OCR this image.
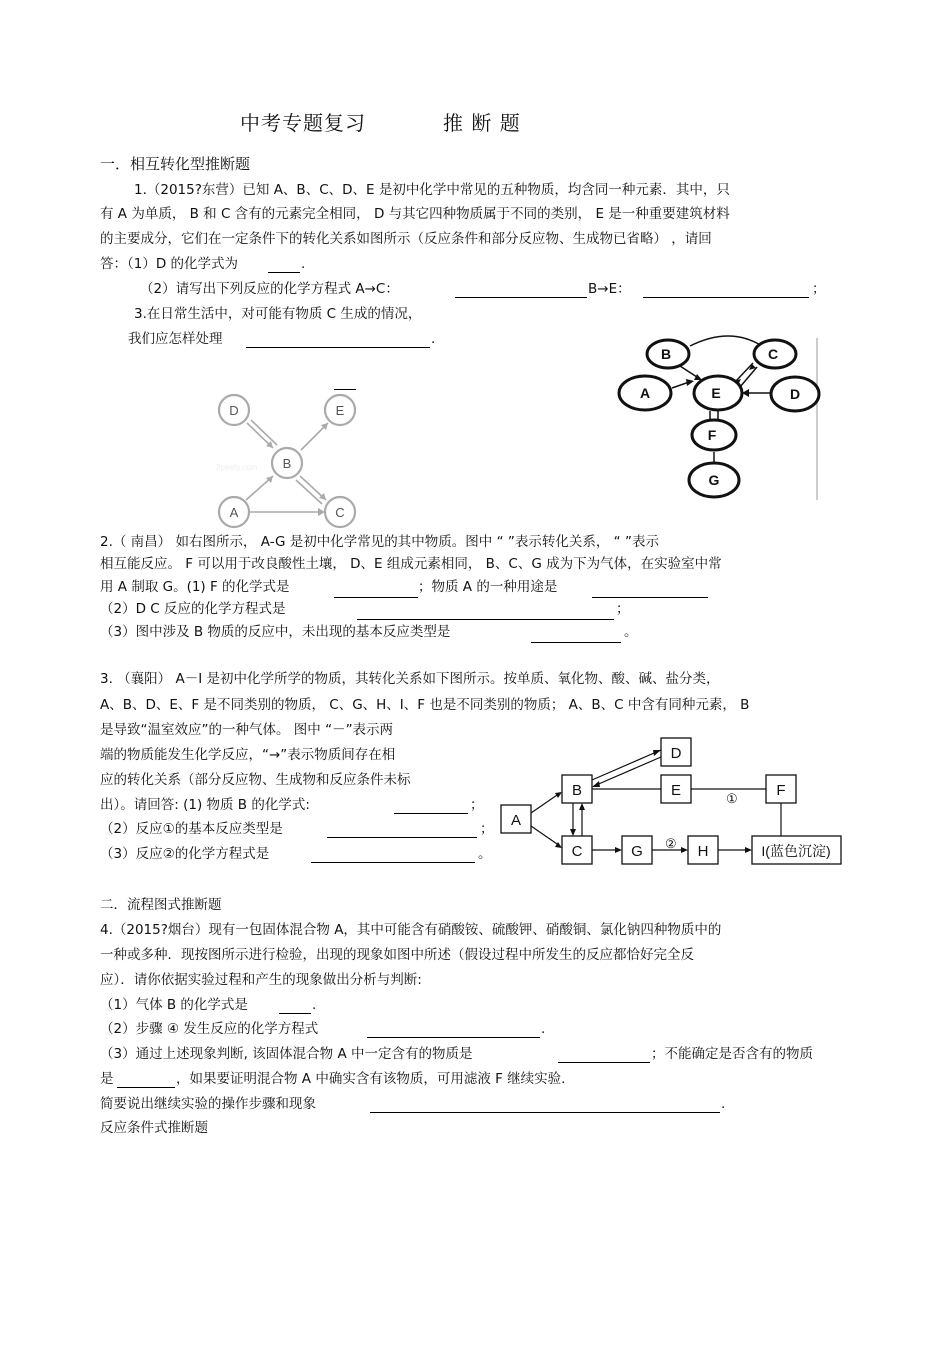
中考专题复习	推 断 题
一．相互转化型推断题
1.（2015?东营）已知 A、B、C、D、E 是初中化学中常见的五种物质，均含同一种元素．其中，只
有 A 为单质， B 和 C 含有的元素完全相同， D 与其它四种物质属于不同的类别， E 是一种重要建筑材料
的主要成分，它们在一定条件下的转化关系如图所示（反应条件和部分反应物、生成物已省略） ，请回
答：（1）D 的化学式为	.
（2）请写出下列反应的化学方程式 A→C：	B→E：	；
3.在日常生活中，对可能有物质 C 生成的情况，
我们应怎样处理	.
D	E
B
A	C
2peefs.com
B	C
A	E	D
F
G
2.（ 南昌） 如右图所示， A-G 是初中化学常见的其中物质。图中 “ ”表示转化关系， “ ”表示
相互能反应。 F 可以用于改良酸性土壤， D、E 组成元素相同， B、C、G 成为下为气体，在实验室中常
用 A 制取 G。(1) F 的化学式是	；物质 A 的一种用途是
（2）D C 反应的化学方程式是	；
（3）图中涉及 B 物质的反应中，未出现的基本反应类型是	。
3. （襄阳） A－I 是初中化学所学的物质，其转化关系如下图所示。按单质、氧化物、酸、碱、盐分类，
A、B、D、E、F 是不同类别的物质， C、G、H、I、F 也是不同类别的物质； A、B、C 中含有同种元素， B
是导致“温室效应”的一种气体。 图中 “－”表示两
端的物质能发生化学反应，“→”表示物质间存在相
应的转化关系（部分反应物、生成物和反应条件未标
出）。请回答: (1) 物质 B 的化学式:	；
（2）反应①的基本反应类型是	；
（3）反应②的化学方程式是	。
D
B	E	F
A
C	G	H	I(蓝色沉淀)
①
②
二．流程图式推断题
4.（2015?烟台）现有一包固体混合物 A，其中可能含有硝酸铵、硫酸钾、硝酸铜、氯化钠四种物质中的
一种或多种．现按图所示进行检验，出现的现象如图中所述（假设过程中所发生的反应都恰好完全反
应）．请你依据实验过程和产生的现象做出分析与判断:
（1）气体 B 的化学式是	.
（2）步骤 ④ 发生反应的化学方程式	.
（3）通过上述现象判断, 该固体混合物 A 中一定含有的物质是	；不能确定是否含有的物质
是	，如果要证明混合物 A 中确实含有该物质，可用滤液 F 继续实验.
简要说出继续实验的操作步骤和现象	.
反应条件式推断题
